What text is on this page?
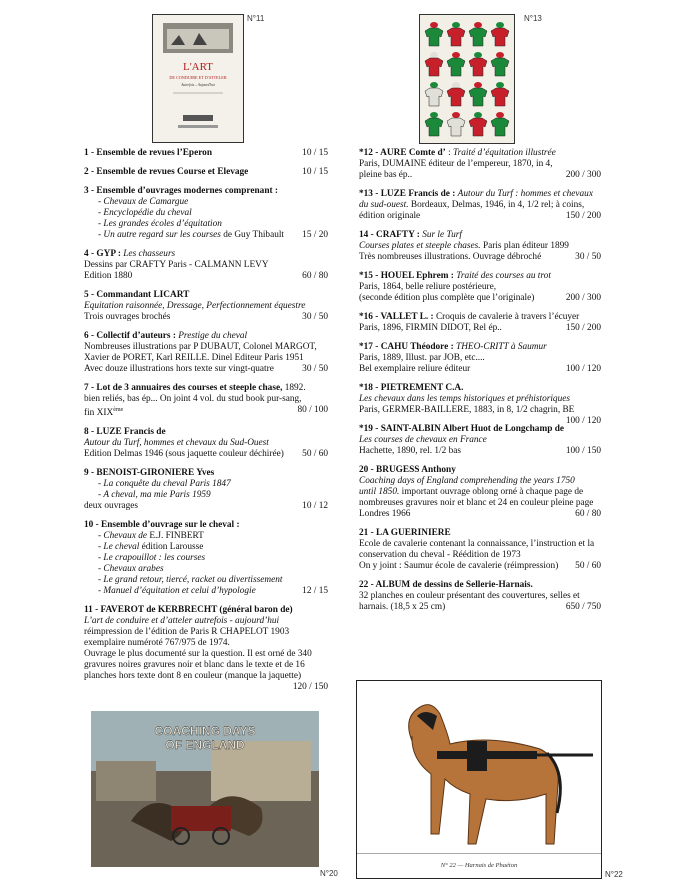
L'ART
DE CONDUIRE ET D'ATTELER
Autrefois – Aujourd'hui
N°11	N°13
COACHING DAYS
OF ENGLAND
N°20
N° 22 — Harnais de Phaéton
N°22
1 - Ensemble de revues l’Eperon	10 / 15
2 - Ensemble de revues Course et Elevage	10 / 15
3 - Ensemble d’ouvrages modernes comprenant :
- Chevaux de Camargue
- Encyclopédie du cheval
- Les grandes écoles d’équitation
- Un autre regard sur les courses de Guy Thibault 15 / 20
4 - GYP : Les chasseurs
Dessins par CRAFTY Paris - CALMANN LEVY
Edition 1880	60 / 80
5 - Commandant LICART
Equitation raisonnée, Dressage, Perfectionnement équestre
Trois ouvrages brochés	30 / 50
6 - Collectif d’auteurs : Prestige du cheval
Nombreuses illustrations par P DUBAUT, Colonel MARGOT,
Xavier de PORET, Karl REILLE. Dinel Editeur Paris 1951
Avec douze illustrations hors texte sur vingt-quatre	30 / 50
7 - Lot de 3 annuaires des courses et steeple chase, 1892.
bien reliés, bas ép... On joint 4 vol. du stud book pur-sang,
fin XIXème	80 / 100
8 - LUZE Francis de
Autour du Turf, hommes et chevaux du Sud-Ouest
Edition Delmas 1946 (sous jaquette couleur déchirée) 50 / 60
9 - BENOIST-GIRONIERE Yves
- La conquête du cheval Paris 1847
- A cheval, ma mie Paris 1959
deux ouvrages	10 / 12
10 - Ensemble d’ouvrage sur le cheval :
- Chevaux de E.J. FINBERT
- Le cheval édition Larousse
- Le crapouillot : les courses
- Chevaux arabes
- Le grand retour, tiercé, racket ou divertissement
- Manuel d’équitation et celui d’hypologie	12 / 15
11 - FAVEROT de KERBRECHT (général baron de)
L’art de conduire et d’atteler autrefois - aujourd’hui
réimpression de l’édition de Paris R CHAPELOT 1903
exemplaire numéroté 767/975 de 1974.
Ouvrage le plus documenté sur la question. Il est orné de 340
gravures noires gravures noir et blanc dans le texte et de 16
planches hors texte dont 8 en couleur (manque la jaquette)
120 / 150
*12 - AURE Comte d’ : Traité d’équitation illustrée
Paris, DUMAINE éditeur de l’empereur, 1870, in 4,
pleine bas ép..	200 / 300
*13 - LUZE Francis de : Autour du Turf : hommes et chevaux
du sud-ouest. Bordeaux, Delmas, 1946, in 4, 1/2 rel; à coins,
édition originale	150 / 200
14 - CRAFTY : Sur le Turf
Courses plates et steeple chases. Paris plan éditeur 1899
Très nombreuses illustrations. Ouvrage débroché	30 / 50
*15 - HOUEL Ephrem : Traité des courses au trot
Paris, 1864, belle reliure postérieure,
(seconde édition plus complète que l’originale)	200 / 300
*16 - VALLET L. : Croquis de cavalerie à travers l’écuyer
Paris, 1896, FIRMIN DIDOT, Rel ép..	150 / 200
*17 - CAHU Théodore : THEO-CRITT à Saumur
Paris, 1889, Illust. par JOB, etc....
Bel exemplaire reliure éditeur	100 / 120
*18 - PIETREMENT C.A.
Les chevaux dans les temps historiques et préhistoriques
Paris, GERMER-BAILLERE, 1883, in 8, 1/2 chagrin, BE
100 / 120
*19 - SAINT-ALBIN Albert Huot de Longchamp de
Les courses de chevaux en France
Hachette, 1890, rel. 1/2 bas	100 / 150
20 - BRUGESS Anthony
Coaching days of England comprehending the years 1750
until 1850. important ouvrage oblong orné à chaque page de
nombreuses gravures noir et blanc et 24 en couleur pleine page
Londres 1966	60 / 80
21 - LA GUERINIERE
Ecole de cavalerie contenant la connaissance, l’instruction et la
conservation du cheval - Réédition de 1973
On y joint : Saumur école de cavalerie (réimpression) 50 / 60
22 - ALBUM de dessins de Sellerie-Harnais.
32 planches en couleur présentant des couvertures, selles et
harnais. (18,5 x 25 cm)	650 / 750
